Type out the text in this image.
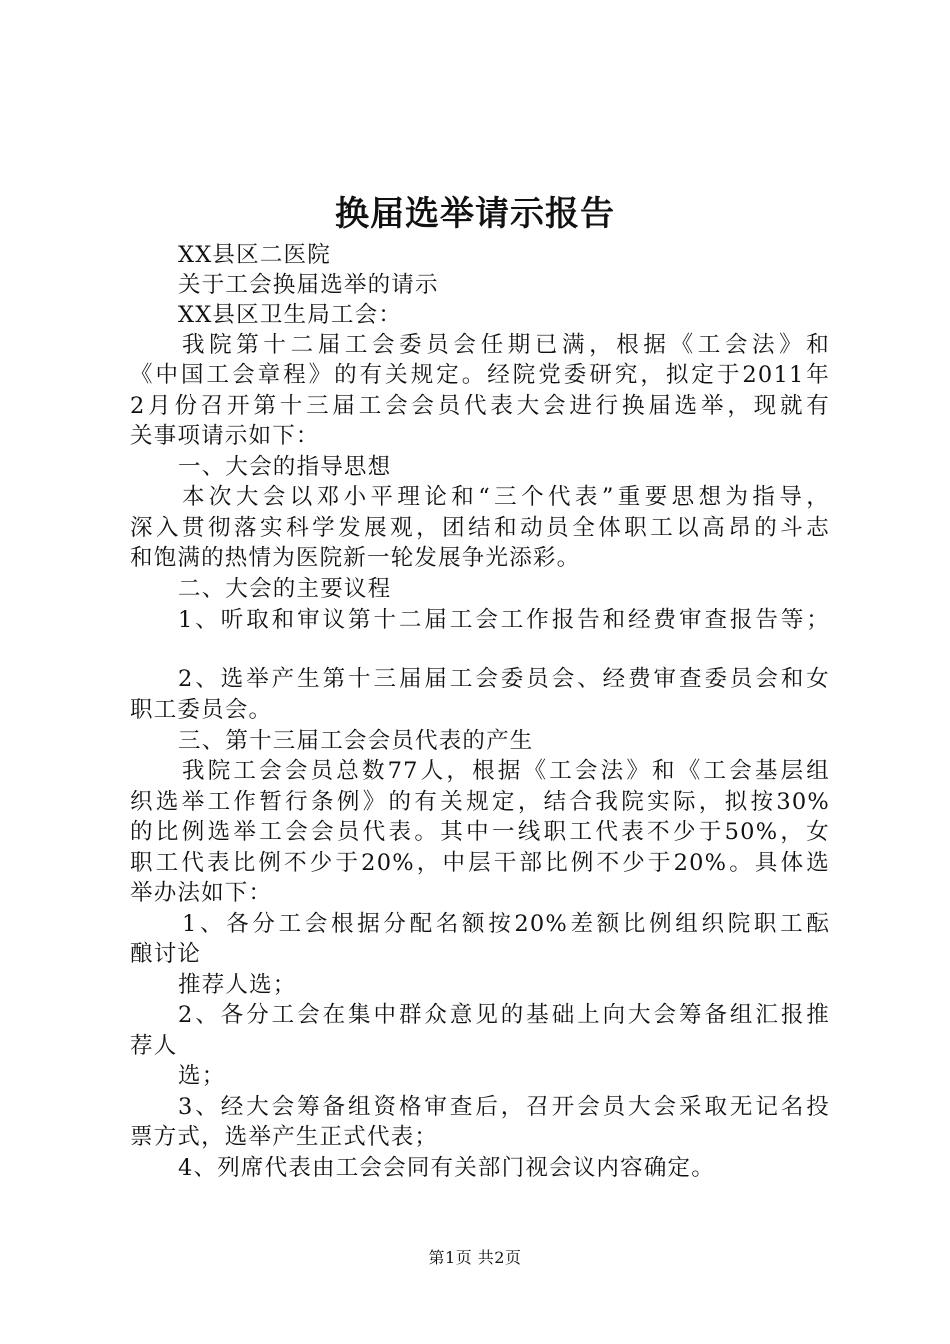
换届选举请示报告
XX县区二医院
关于工会换届选举的请示
XX县区卫生局工会：
我院第十二届工会委员会任期已满，根据《工会法》和
《中国工会章程》的有关规定。经院党委研究，拟定于2011年
2月份召开第十三届工会会员代表大会进行换届选举，现就有
关事项请示如下：
一、大会的指导思想
本次大会以邓小平理论和“三个代表”重要思想为指导，
深入贯彻落实科学发展观，团结和动员全体职工以高昂的斗志
和饱满的热情为医院新一轮发展争光添彩。
二、大会的主要议程
1、听取和审议第十二届工会工作报告和经费审查报告等；
2、选举产生第十三届届工会委员会、经费审查委员会和女
职工委员会。
三、第十三届工会会员代表的产生
我院工会会员总数77人，根据《工会法》和《工会基层组
织选举工作暂行条例》的有关规定，结合我院实际，拟按30%
的比例选举工会会员代表。其中一线职工代表不少于50%，女
职工代表比例不少于20%，中层干部比例不少于20%。具体选
举办法如下：
1、各分工会根据分配名额按20%差额比例组织院职工酝
酿讨论
推荐人选；
2、各分工会在集中群众意见的基础上向大会筹备组汇报推
荐人
选；
3、经大会筹备组资格审查后，召开会员大会采取无记名投
票方式，选举产生正式代表；
4、列席代表由工会会同有关部门视会议内容确定。
第1页 共2页
